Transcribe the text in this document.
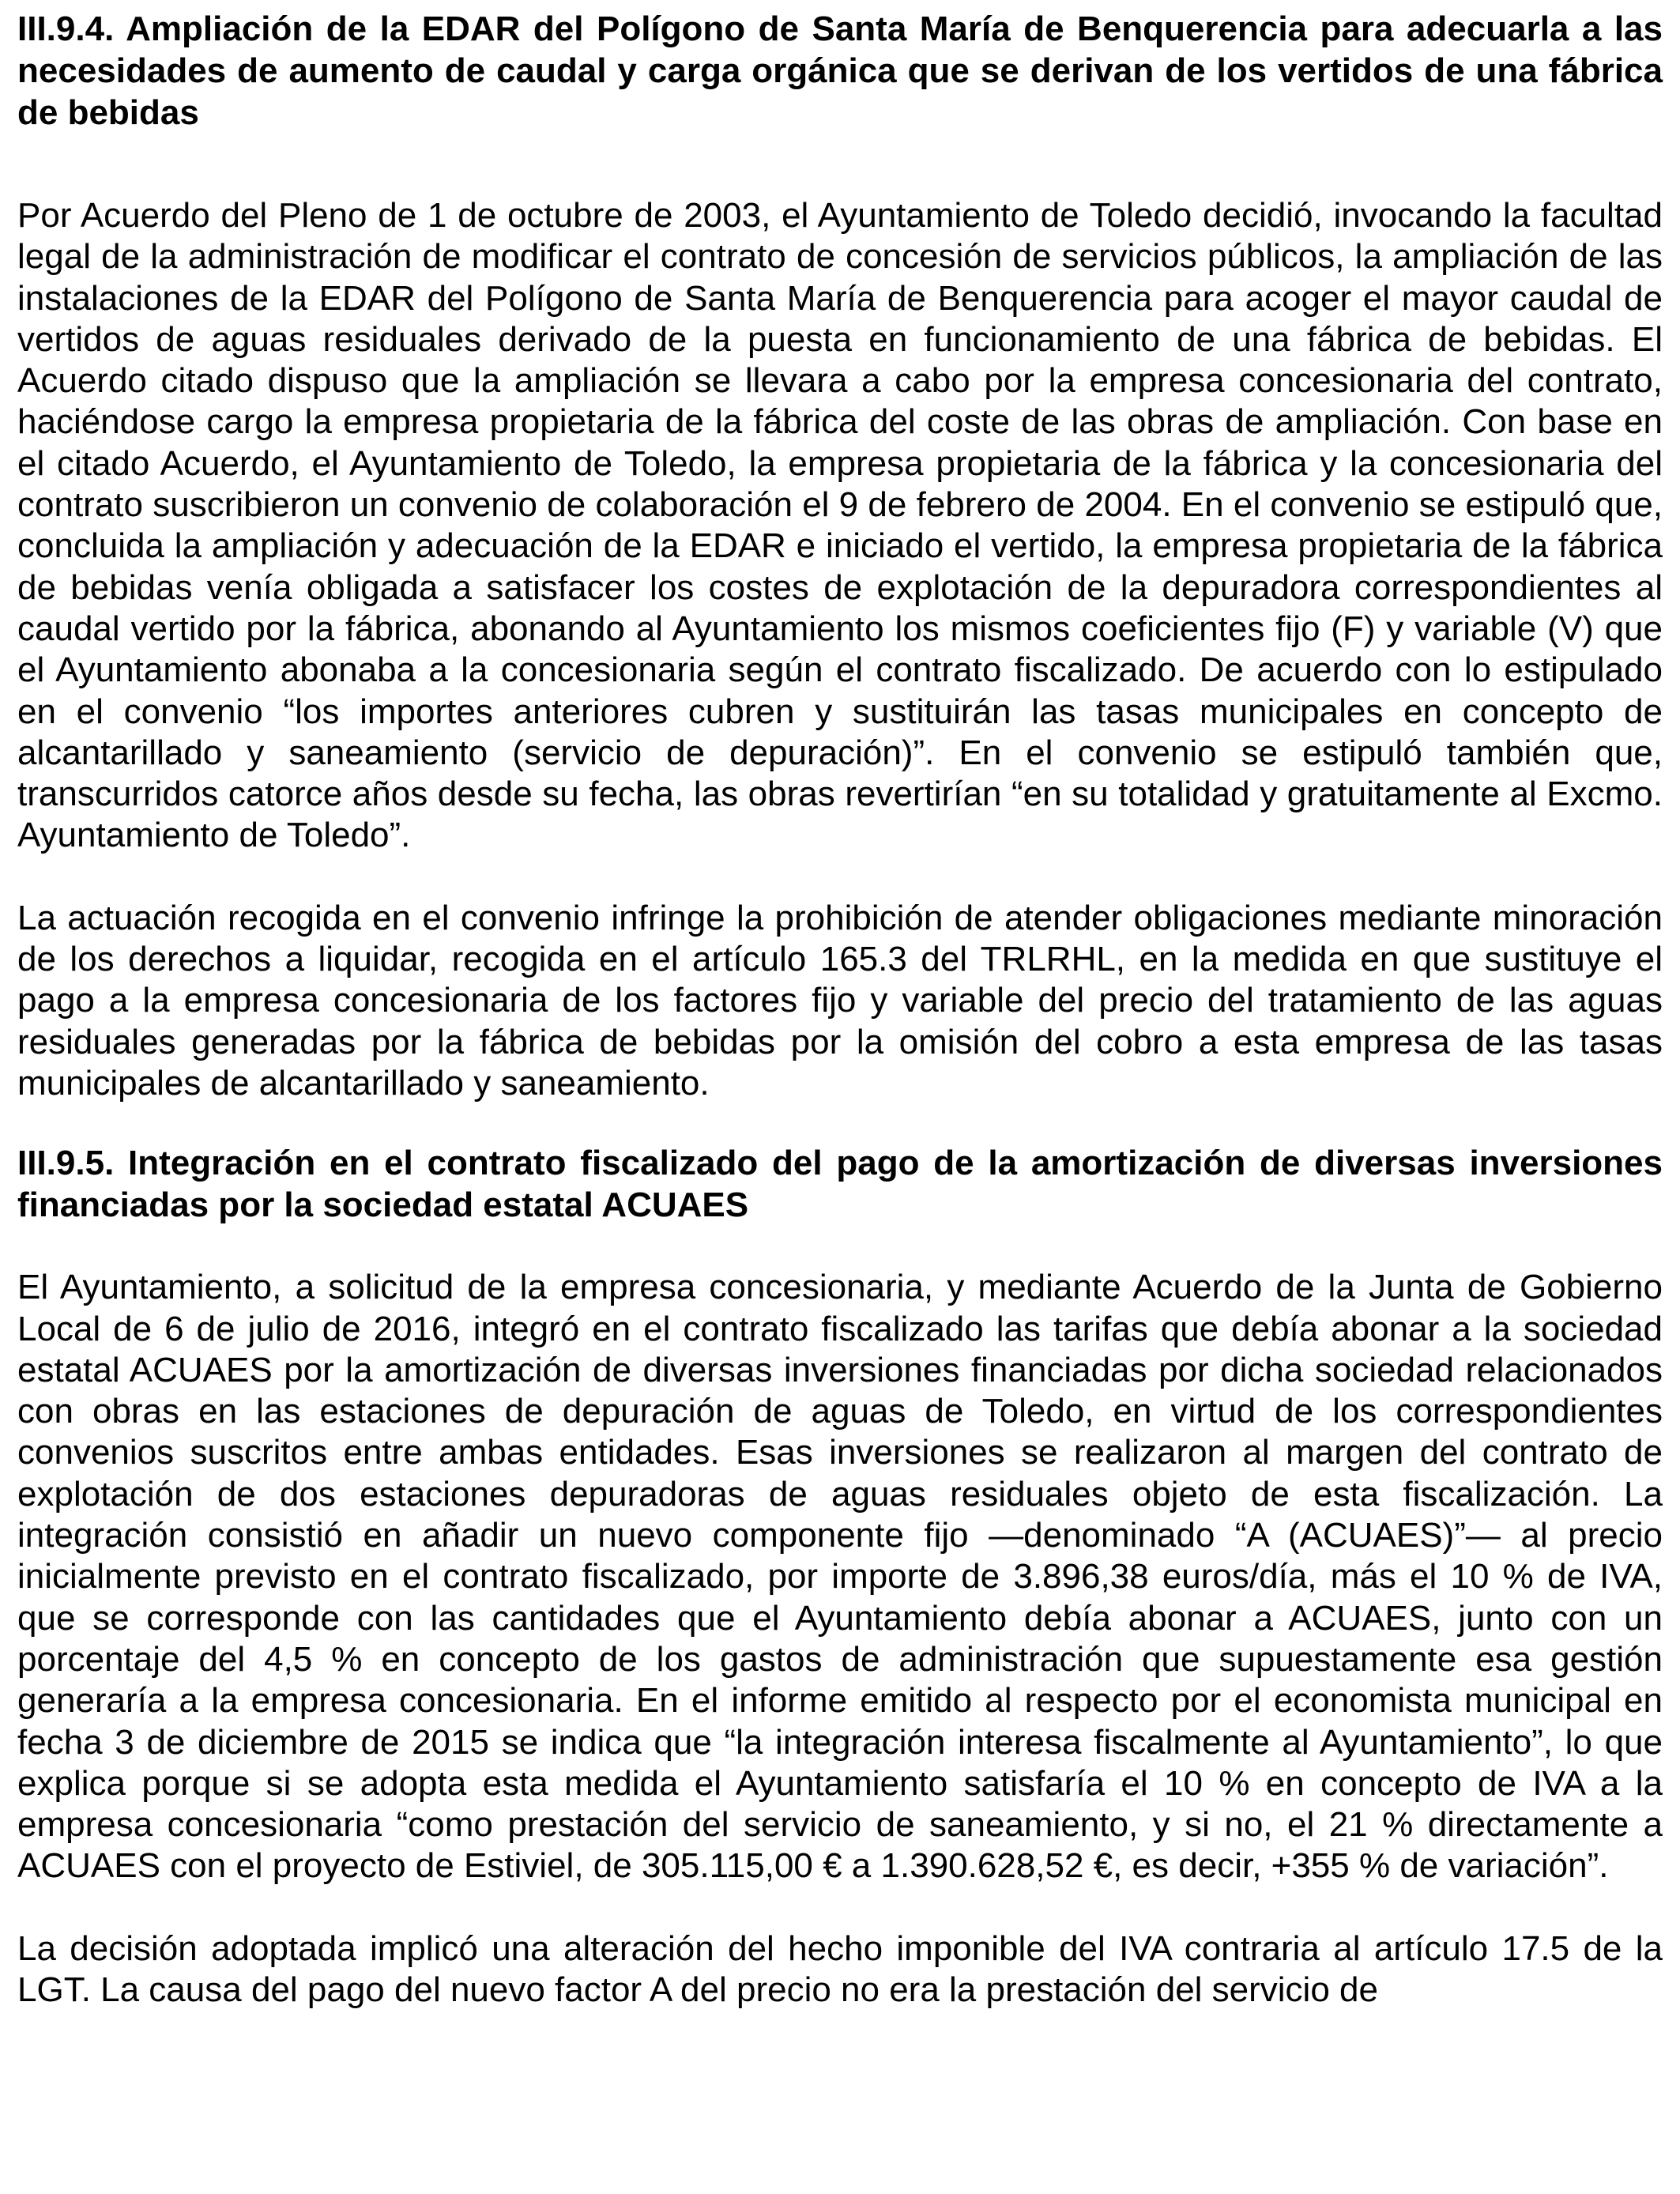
III.9.4. Ampliación de la EDAR del Polígono de Santa María de Benquerencia para adecuarla a las necesidades de aumento de caudal y carga orgánica que se derivan de los vertidos de una fábrica de bebidas

Por Acuerdo del Pleno de 1 de octubre de 2003, el Ayuntamiento de Toledo decidió, invocando la facultad legal de la administración de modificar el contrato de concesión de servicios públicos, la ampliación de las instalaciones de la EDAR del Polígono de Santa María de Benquerencia para acoger el mayor caudal de vertidos de aguas residuales derivado de la puesta en funcionamiento de una fábrica de bebidas. El Acuerdo citado dispuso que la ampliación se llevara a cabo por la empresa concesionaria del contrato, haciéndose cargo la empresa propietaria de la fábrica del coste de las obras de ampliación. Con base en el citado Acuerdo, el Ayuntamiento de Toledo, la empresa propietaria de la fábrica y la concesionaria del contrato suscribieron un convenio de colaboración el 9 de febrero de 2004. En el convenio se estipuló que, concluida la ampliación y adecuación de la EDAR e iniciado el vertido, la empresa propietaria de la fábrica de bebidas venía obligada a satisfacer los costes de explotación de la depuradora correspondientes al caudal vertido por la fábrica, abonando al Ayuntamiento los mismos coeficientes fijo (F) y variable (V) que el Ayuntamiento abonaba a la concesionaria según el contrato fiscalizado. De acuerdo con lo estipulado en el convenio “los importes anteriores cubren y sustituirán las tasas municipales en concepto de alcantarillado y saneamiento (servicio de depuración)”. En el convenio se estipuló también que, transcurridos catorce años desde su fecha, las obras revertirían “en su totalidad y gratuitamente al Excmo. Ayuntamiento de Toledo”.

La actuación recogida en el convenio infringe la prohibición de atender obligaciones mediante minoración de los derechos a liquidar, recogida en el artículo 165.3 del TRLRHL, en la medida en que sustituye el pago a la empresa concesionaria de los factores fijo y variable del precio del tratamiento de las aguas residuales generadas por la fábrica de bebidas por la omisión del cobro a esta empresa de las tasas municipales de alcantarillado y saneamiento.

III.9.5. Integración en el contrato fiscalizado del pago de la amortización de diversas inversiones financiadas por la sociedad estatal ACUAES

El Ayuntamiento, a solicitud de la empresa concesionaria, y mediante Acuerdo de la Junta de Gobierno Local de 6 de julio de 2016, integró en el contrato fiscalizado las tarifas que debía abonar a la sociedad estatal ACUAES por la amortización de diversas inversiones financiadas por dicha sociedad relacionados con obras en las estaciones de depuración de aguas de Toledo, en virtud de los correspondientes convenios suscritos entre ambas entidades. Esas inversiones se realizaron al margen del contrato de explotación de dos estaciones depuradoras de aguas residuales objeto de esta fiscalización. La integración consistió en añadir un nuevo componente fijo —denominado “A (ACUAES)”— al precio inicialmente previsto en el contrato fiscalizado, por importe de 3.896,38 euros/día, más el 10 % de IVA, que se corresponde con las cantidades que el Ayuntamiento debía abonar a ACUAES, junto con un porcentaje del 4,5 % en concepto de los gastos de administración que supuestamente esa gestión generaría a la empresa concesionaria. En el informe emitido al respecto por el economista municipal en fecha 3 de diciembre de 2015 se indica que “la integración interesa fiscalmente al Ayuntamiento”, lo que explica porque si se adopta esta medida el Ayuntamiento satisfaría el 10 % en concepto de IVA a la empresa concesionaria “como prestación del servicio de saneamiento, y si no, el 21 % directamente a ACUAES con el proyecto de Estiviel, de 305.115,00 € a 1.390.628,52 €, es decir, +355 % de variación”.

La decisión adoptada implicó una alteración del hecho imponible del IVA contraria al artículo 17.5 de la LGT. La causa del pago del nuevo factor A del precio no era la prestación del servicio de
